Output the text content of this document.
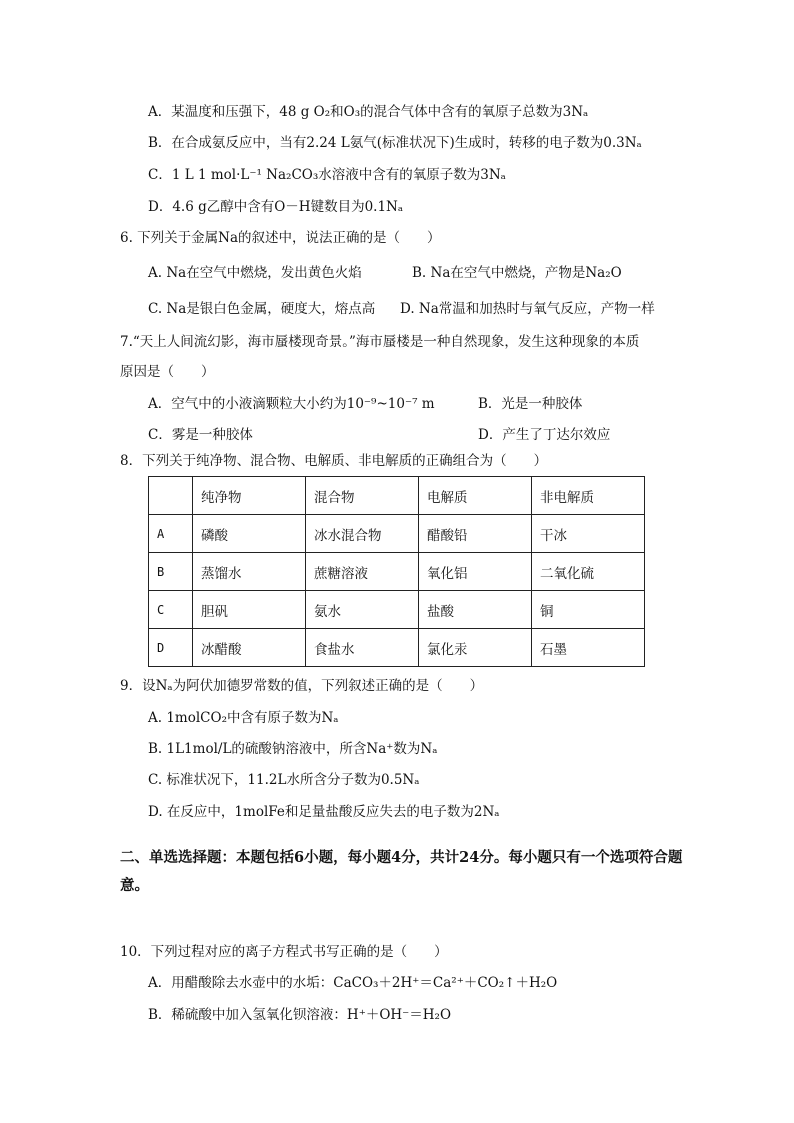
A．某温度和压强下，48 g O₂和O₃的混合气体中含有的氧原子总数为3Nₐ
B．在合成氨反应中，当有2.24 L氨气(标准状况下)生成时，转移的电子数为0.3Nₐ
C．1 L 1 mol·L⁻¹ Na₂CO₃水溶液中含有的氧原子数为3Nₐ
D．4.6 g乙醇中含有O－H键数目为0.1Nₐ
6. 下列关于金属Na的叙述中，说法正确的是（　　）
A. Na在空气中燃烧，发出黄色火焰	B. Na在空气中燃烧，产物是Na₂O
C. Na是银白色金属，硬度大，熔点高 D. Na常温和加热时与氧气反应，产物一样
7.“天上人间流幻影，海市蜃楼现奇景。”海市蜃楼是一种自然现象，发生这种现象的本质
原因是（　　）
A．空气中的小液滴颗粒大小约为10⁻⁹~10⁻⁷ m	B．光是一种胶体
C．雾是一种胶体	D．产生了丁达尔效应
8．下列关于纯净物、混合物、电解质、非电解质的正确组合为（　　）
	纯净物	混合物	电解质	非电解质
A	磷酸	冰水混合物	醋酸铅	干冰
B	蒸馏水	蔗糖溶液	氧化铝	二氧化硫
C	胆矾	氨水	盐酸	铜
D	冰醋酸	食盐水	氯化汞	石墨
9．设Nₐ为阿伏加德罗常数的值，下列叙述正确的是（　　）
A. 1molCO₂中含有原子数为Nₐ
B. 1L1mol/L的硫酸钠溶液中，所含Na⁺数为Nₐ
C. 标准状况下，11.2L水所含分子数为0.5Nₐ
D. 在反应中，1molFe和足量盐酸反应失去的电子数为2Nₐ
二、单选选择题：本题包括6小题，每小题4分，共计24分。每小题只有一个选项符合题
意。
10．下列过程对应的离子方程式书写正确的是（　　）
A．用醋酸除去水壶中的水垢：CaCO₃＋2H⁺＝Ca²⁺＋CO₂↑＋H₂O
B．稀硫酸中加入氢氧化钡溶液：H⁺＋OH⁻＝H₂O
